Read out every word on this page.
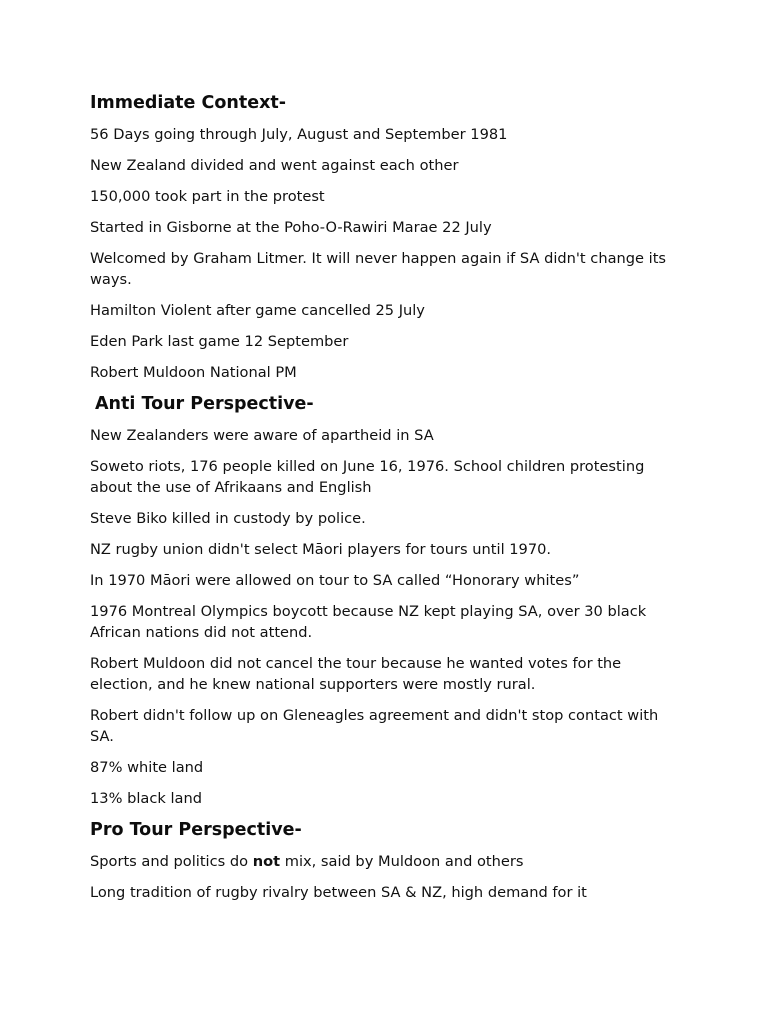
Immediate Context-

56 Days going through July, August and September 1981

New Zealand divided and went against each other

150,000 took part in the protest

Started in Gisborne at the Poho-O-Rawiri Marae 22 July

Welcomed by Graham Litmer. It will never happen again if SA didn't change its ways.

Hamilton Violent after game cancelled 25 July

Eden Park last game 12 September

Robert Muldoon National PM

Anti Tour Perspective-

New Zealanders were aware of apartheid in SA

Soweto riots, 176 people killed on June 16, 1976. School children protesting about the use of Afrikaans and English

Steve Biko killed in custody by police.

NZ rugby union didn't select Māori players for tours until 1970.

In 1970 Māori were allowed on tour to SA called “Honorary whites”

1976 Montreal Olympics boycott because NZ kept playing SA, over 30 black African nations did not attend.

Robert Muldoon did not cancel the tour because he wanted votes for the election, and he knew national supporters were mostly rural.

Robert didn't follow up on Gleneagles agreement and didn't stop contact with SA.

87% white land

13% black land

Pro Tour Perspective-

Sports and politics do not mix, said by Muldoon and others

Long tradition of rugby rivalry between SA & NZ, high demand for it
